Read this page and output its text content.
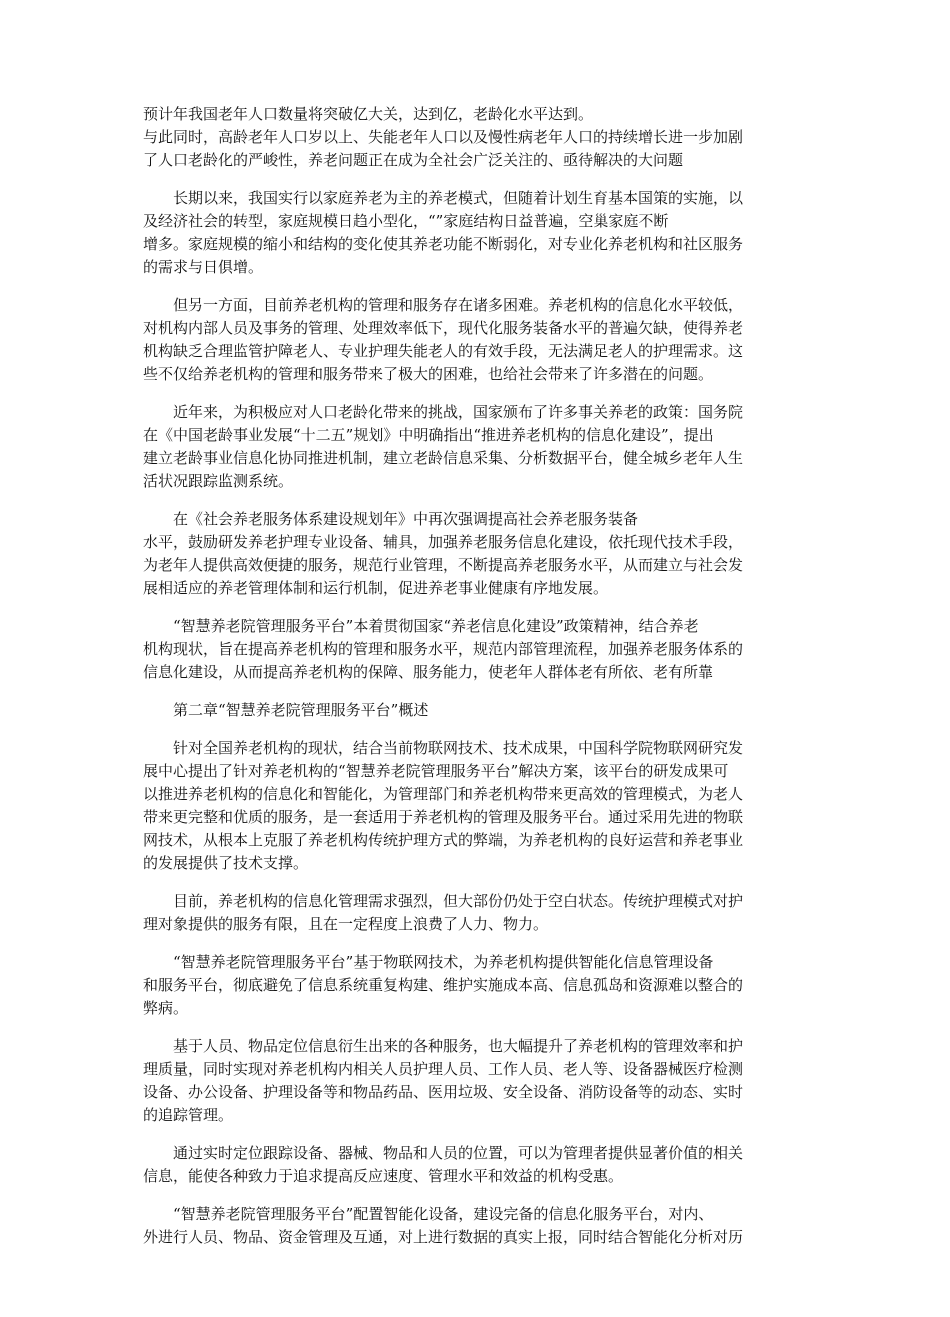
预计年我国老年人口数量将突破亿大关，达到亿，老龄化水平达到。
与此同时，高龄老年人口岁以上、失能老年人口以及慢性病老年人口的持续增长进一步加剧
了人口老龄化的严峻性，养老问题正在成为全社会广泛关注的、亟待解决的大问题
长期以来，我国实行以家庭养老为主的养老模式，但随着计划生育基本国策的实施，以
及经济社会的转型，家庭规模日趋小型化，“”家庭结构日益普遍，空巢家庭不断
增多。家庭规模的缩小和结构的变化使其养老功能不断弱化，对专业化养老机构和社区服务
的需求与日俱增。
但另一方面，目前养老机构的管理和服务存在诸多困难。养老机构的信息化水平较低，
对机构内部人员及事务的管理、处理效率低下，现代化服务装备水平的普遍欠缺，使得养老
机构缺乏合理监管护障老人、专业护理失能老人的有效手段，无法满足老人的护理需求。这
些不仅给养老机构的管理和服务带来了极大的困难，也给社会带来了许多潜在的问题。
近年来，为积极应对人口老龄化带来的挑战，国家颁布了许多事关养老的政策：国务院
在《中国老龄事业发展“十二五”规划》中明确指出“推进养老机构的信息化建设”，提出
建立老龄事业信息化协同推进机制，建立老龄信息采集、分析数据平台，健全城乡老年人生
活状况跟踪监测系统。
在《社会养老服务体系建设规划年》中再次强调提高社会养老服务装备
水平，鼓励研发养老护理专业设备、辅具，加强养老服务信息化建设，依托现代技术手段，
为老年人提供高效便捷的服务，规范行业管理，不断提高养老服务水平，从而建立与社会发
展相适应的养老管理体制和运行机制，促进养老事业健康有序地发展。
“智慧养老院管理服务平台”本着贯彻国家“养老信息化建设”政策精神，结合养老
机构现状，旨在提高养老机构的管理和服务水平，规范内部管理流程，加强养老服务体系的
信息化建设，从而提高养老机构的保障、服务能力，使老年人群体老有所依、老有所靠
第二章“智慧养老院管理服务平台”概述
针对全国养老机构的现状，结合当前物联网技术、技术成果，中国科学院物联网研究发
展中心提出了针对养老机构的“智慧养老院管理服务平台”解决方案，该平台的研发成果可
以推进养老机构的信息化和智能化，为管理部门和养老机构带来更高效的管理模式，为老人
带来更完整和优质的服务，是一套适用于养老机构的管理及服务平台。通过采用先进的物联
网技术，从根本上克服了养老机构传统护理方式的弊端，为养老机构的良好运营和养老事业
的发展提供了技术支撑。
目前，养老机构的信息化管理需求强烈，但大部份仍处于空白状态。传统护理模式对护
理对象提供的服务有限，且在一定程度上浪费了人力、物力。
“智慧养老院管理服务平台”基于物联网技术，为养老机构提供智能化信息管理设备
和服务平台，彻底避免了信息系统重复构建、维护实施成本高、信息孤岛和资源难以整合的
弊病。
基于人员、物品定位信息衍生出来的各种服务，也大幅提升了养老机构的管理效率和护
理质量，同时实现对养老机构内相关人员护理人员、工作人员、老人等、设备器械医疗检测
设备、办公设备、护理设备等和物品药品、医用垃圾、安全设备、消防设备等的动态、实时
的追踪管理。
通过实时定位跟踪设备、器械、物品和人员的位置，可以为管理者提供显著价值的相关
信息，能使各种致力于追求提高反应速度、管理水平和效益的机构受惠。
“智慧养老院管理服务平台”配置智能化设备，建设完备的信息化服务平台，对内、
外进行人员、物品、资金管理及互通，对上进行数据的真实上报，同时结合智能化分析对历
